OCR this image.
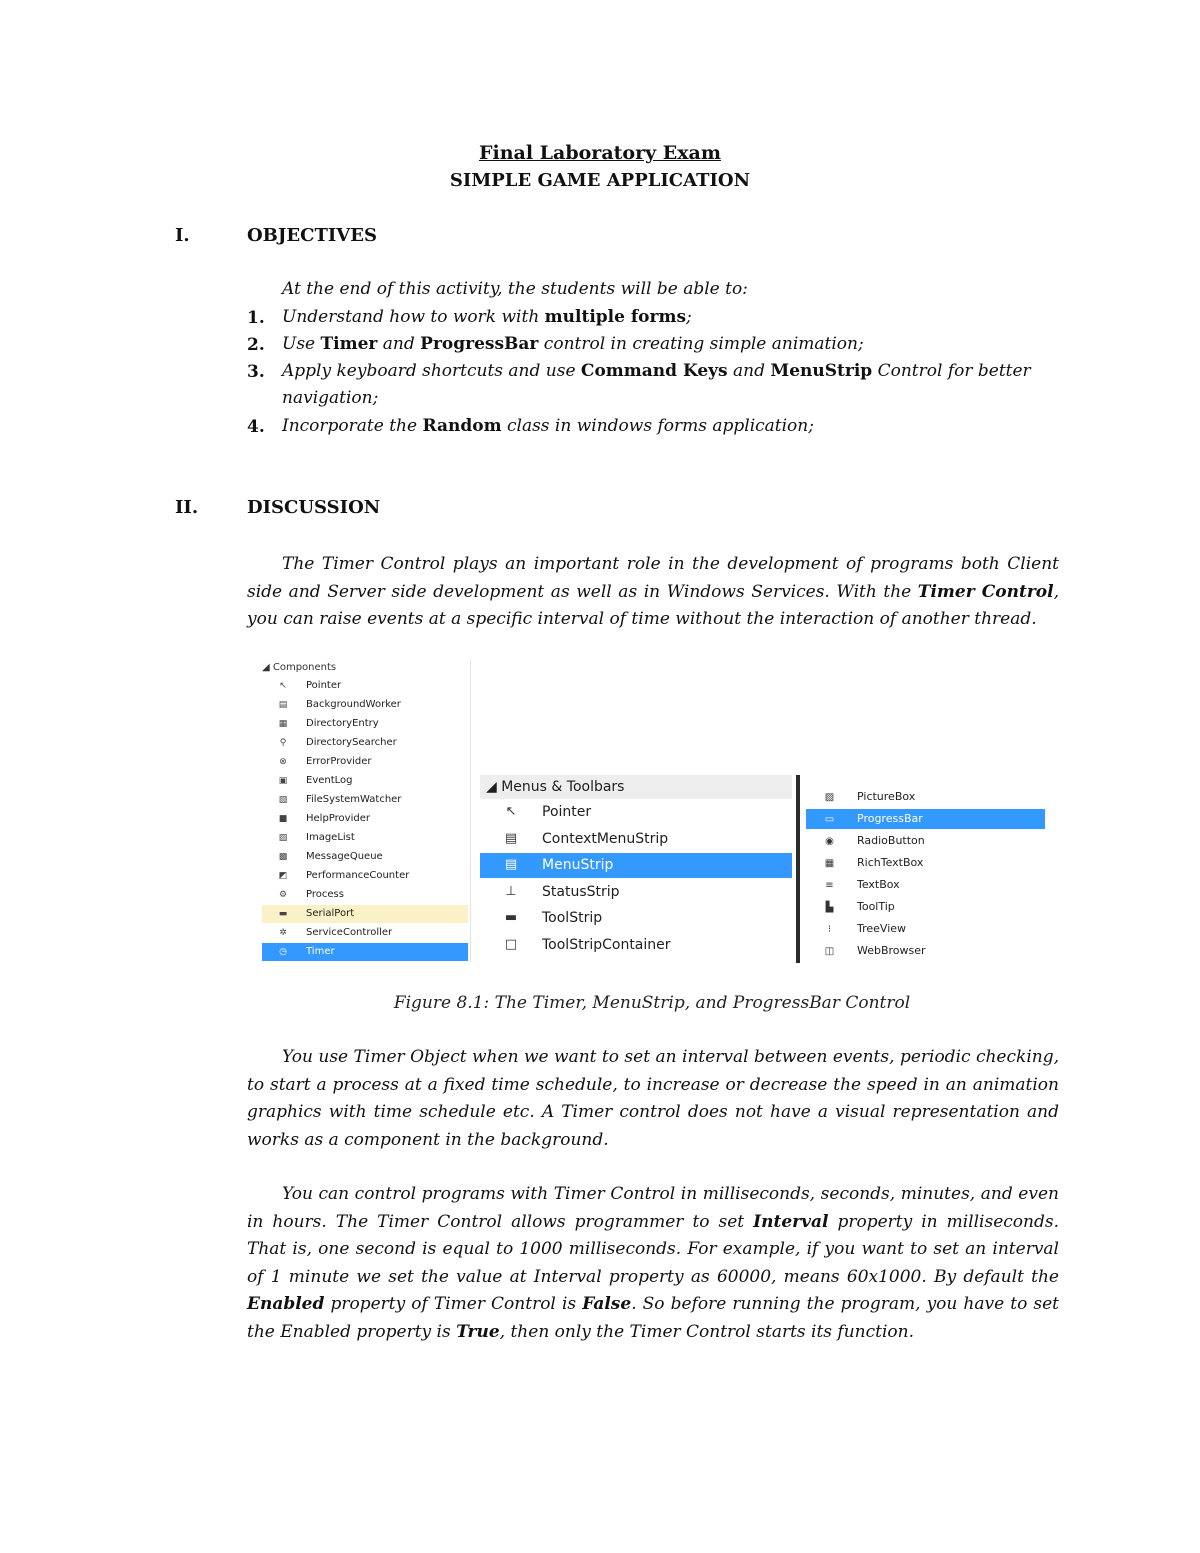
Final Laboratory Exam
SIMPLE GAME APPLICATION
I.	OBJECTIVES
At the end of this activity, the students will be able to:
1. Understand how to work with multiple forms;
2. Use Timer and ProgressBar control in creating simple animation;
3. Apply keyboard shortcuts and use Command Keys and MenuStrip Control for better navigation;
4. Incorporate the Random class in windows forms application;
II.	DISCUSSION
The Timer Control plays an important role in the development of programs both Client side and Server side development as well as in Windows Services. With the Timer Control, you can raise events at a specific interval of time without the interaction of another thread.
◢ Components
↖ Pointer
▤ BackgroundWorker
▦ DirectoryEntry
⚲ DirectorySearcher
⊗ ErrorProvider
▣ EventLog
▧ FileSystemWatcher
■ HelpProvider
▨ ImageList
▩ MessageQueue
◩ PerformanceCounter
⚙ Process
▬ SerialPort
✲ ServiceController
◷ Timer
◢ Menus & Toolbars
↖ Pointer
▤ ContextMenuStrip
▤ MenuStrip
⊥ StatusStrip
▬ ToolStrip
□ ToolStripContainer
▨ PictureBox
▭ ProgressBar
◉ RadioButton
▦ RichTextBox
≡ TextBox
▙ ToolTip
⁝	TreeView
◫ WebBrowser
Figure 8.1: The Timer, MenuStrip, and ProgressBar Control
You use Timer Object when we want to set an interval between events, periodic checking, to start a process at a fixed time schedule, to increase or decrease the speed in an animation graphics with time schedule etc. A Timer control does not have a visual representation and works as a component in the background.
You can control programs with Timer Control in milliseconds, seconds, minutes, and even in hours. The Timer Control allows programmer to set Interval property in milliseconds. That is, one second is equal to 1000 milliseconds. For example, if you want to set an interval of 1 minute we set the value at Interval property as 60000, means 60x1000. By default the Enabled property of Timer Control is False. So before running the program, you have to set the Enabled property is True, then only the Timer Control starts its function.
